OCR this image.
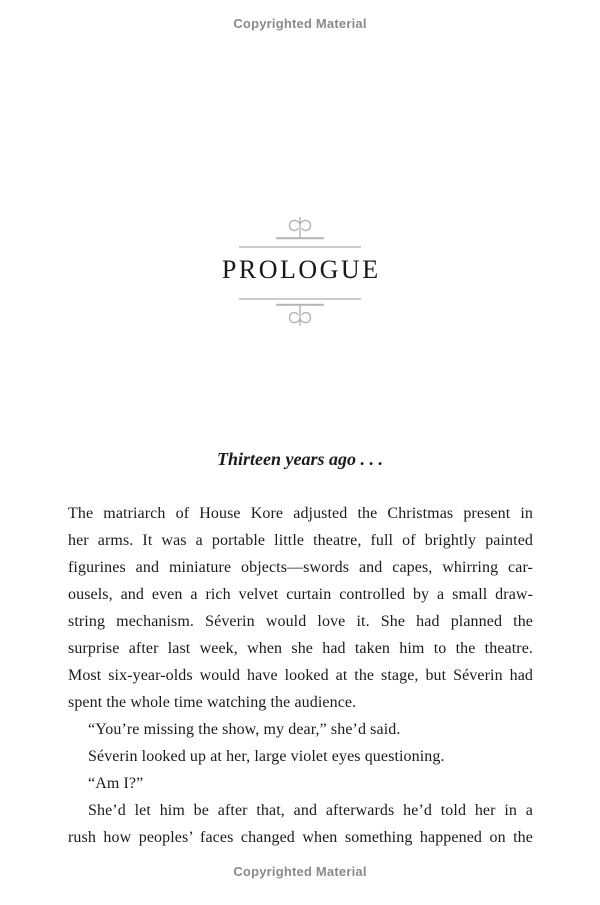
Copyrighted Material
PROLOGUE
Thirteen years ago . . .
The matriarch of House Kore adjusted the Christmas present in
her arms. It was a portable little theatre, full of brightly painted
figurines and miniature objects—swords and capes, whirring car-
ousels, and even a rich velvet curtain controlled by a small draw-
string mechanism. Séverin would love it. She had planned the
surprise after last week, when she had taken him to the theatre.
Most six-year-olds would have looked at the stage, but Séverin had
spent the whole time watching the audience.
“You’re missing the show, my dear,” she’d said.
Séverin looked up at her, large violet eyes questioning.
“Am I?”
She’d let him be after that, and afterwards he’d told her in a
rush how peoples’ faces changed when something happened on the
Copyrighted Material
